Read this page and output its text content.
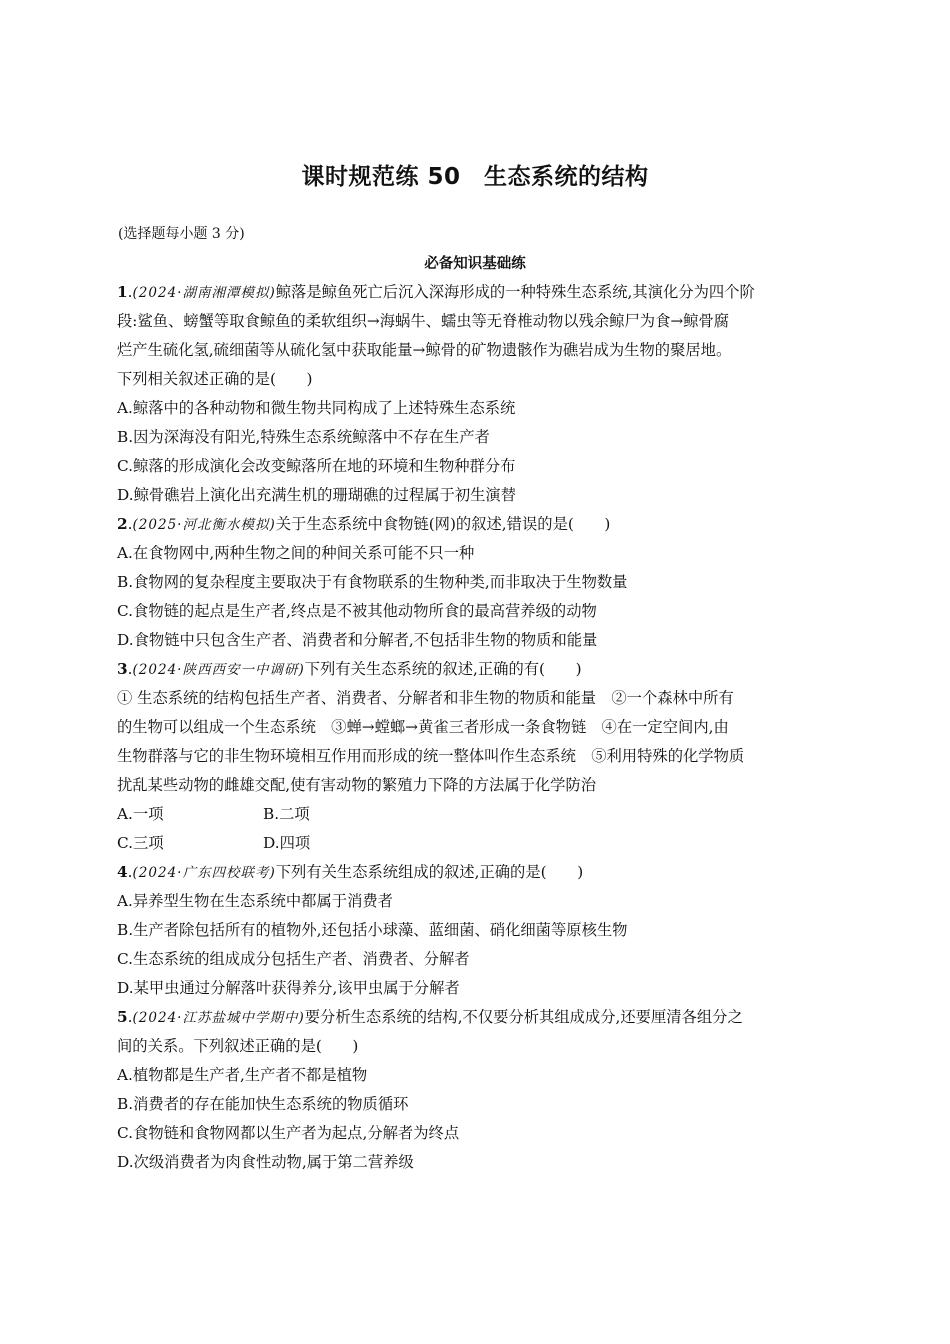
课时规范练 50　生态系统的结构
(选择题每小题 3 分)
必备知识基础练
1.(2024·湖南湘潭模拟)鲸落是鲸鱼死亡后沉入深海形成的一种特殊生态系统,其演化分为四个阶
段:鲨鱼、螃蟹等取食鲸鱼的柔软组织→海蜗牛、蠕虫等无脊椎动物以残余鲸尸为食→鲸骨腐
烂产生硫化氢,硫细菌等从硫化氢中获取能量→鲸骨的矿物遗骸作为礁岩成为生物的聚居地。
下列相关叙述正确的是(　　)
A.鲸落中的各种动物和微生物共同构成了上述特殊生态系统
B.因为深海没有阳光,特殊生态系统鲸落中不存在生产者
C.鲸落的形成演化会改变鲸落所在地的环境和生物种群分布
D.鲸骨礁岩上演化出充满生机的珊瑚礁的过程属于初生演替
2.(2025·河北衡水模拟)关于生态系统中食物链(网)的叙述,错误的是(　　)
A.在食物网中,两种生物之间的种间关系可能不只一种
B.食物网的复杂程度主要取决于有食物联系的生物种类,而非取决于生物数量
C.食物链的起点是生产者,终点是不被其他动物所食的最高营养级的动物
D.食物链中只包含生产者、消费者和分解者,不包括非生物的物质和能量
3.(2024·陕西西安一中调研)下列有关生态系统的叙述,正确的有(　　)
① 生态系统的结构包括生产者、消费者、分解者和非生物的物质和能量　②一个森林中所有
的生物可以组成一个生态系统　③蝉→螳螂→黄雀三者形成一条食物链　④在一定空间内,由
生物群落与它的非生物环境相互作用而形成的统一整体叫作生态系统　⑤利用特殊的化学物质
扰乱某些动物的雌雄交配,使有害动物的繁殖力下降的方法属于化学防治
A.一项	B.二项
C.三项	D.四项
4.(2024·广东四校联考)下列有关生态系统组成的叙述,正确的是(　　)
A.异养型生物在生态系统中都属于消费者
B.生产者除包括所有的植物外,还包括小球藻、蓝细菌、硝化细菌等原核生物
C.生态系统的组成成分包括生产者、消费者、分解者
D.某甲虫通过分解落叶获得养分,该甲虫属于分解者
5.(2024·江苏盐城中学期中)要分析生态系统的结构,不仅要分析其组成成分,还要厘清各组分之
间的关系。下列叙述正确的是(　　)
A.植物都是生产者,生产者不都是植物
B.消费者的存在能加快生态系统的物质循环
C.食物链和食物网都以生产者为起点,分解者为终点
D.次级消费者为肉食性动物,属于第二营养级
